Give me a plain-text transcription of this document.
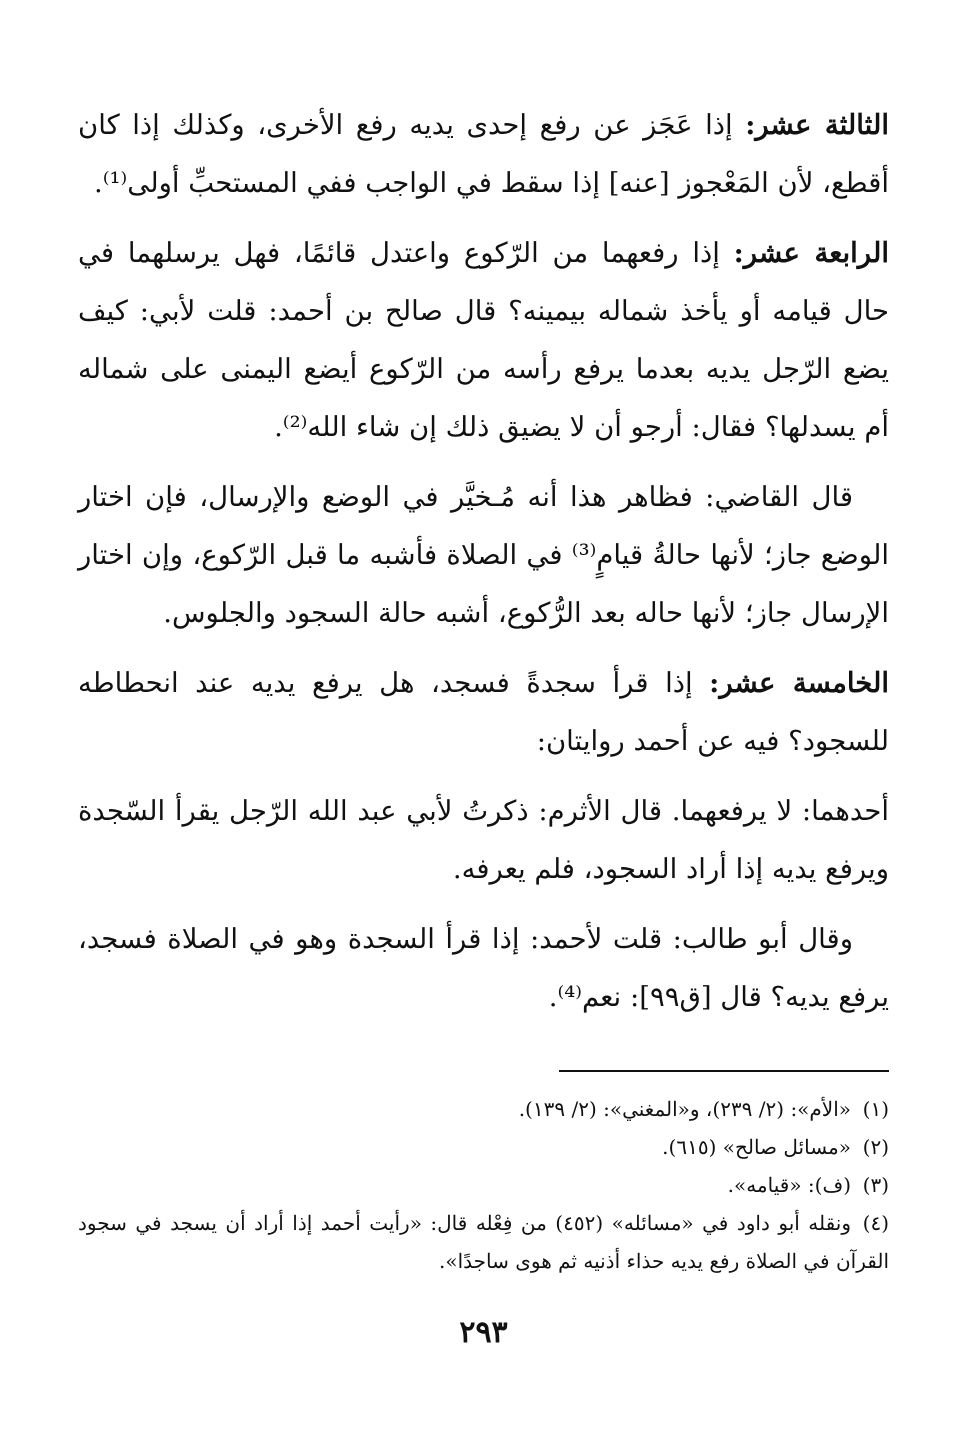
الثالثة عشر: إذا عَجَز عن رفع إحدى يديه رفع الأخرى، وكذلك إذا كان أقطع، لأن المَعْجوز [عنه] إذا سقط في الواجب ففي المستحبِّ أولى⁽¹⁾.

الرابعة عشر: إذا رفعهما من الرّكوع واعتدل قائمًا، فهل يرسلهما في حال قيامه أو يأخذ شماله بيمينه؟ قال صالح بن أحمد: قلت لأبي: كيف يضع الرّجل يديه بعدما يرفع رأسه من الرّكوع أيضع اليمنى على شماله أم يسدلها؟ فقال: أرجو أن لا يضيق ذلك إن شاء الله⁽²⁾.

قال القاضي: فظاهر هذا أنه مُـخيَّر في الوضع والإرسال، فإن اختار الوضع جاز؛ لأنها حالةُ قيامٍ⁽³⁾ في الصلاة فأشبه ما قبل الرّكوع، وإن اختار الإرسال جاز؛ لأنها حاله بعد الرُّكوع، أشبه حالة السجود والجلوس.

الخامسة عشر: إذا قرأ سجدةً فسجد، هل يرفع يديه عند انحطاطه للسجود؟ فيه عن أحمد روايتان:

أحدهما: لا يرفعهما. قال الأثرم: ذكرتُ لأبي عبد الله الرّجل يقرأ السّجدة ويرفع يديه إذا أراد السجود، فلم يعرفه.

وقال أبو طالب: قلت لأحمد: إذا قرأ السجدة وهو في الصلاة فسجد، يرفع يديه؟ قال [ق٩٩]: نعم⁽⁴⁾.

(١)«الأم»: (٢/ ٢٣٩)، و«المغني»: (٢/ ١٣٩).

(٢)«مسائل صالح» (٦١٥).

(٣)(ف): «قيامه».

(٤)ونقله أبو داود في «مسائله» (٤٥٢) من فِعْله قال: «رأيت أحمد إذا أراد أن يسجد في سجود القرآن في الصلاة رفع يديه حذاء أذنيه ثم هوى ساجدًا».

٢٩٣
